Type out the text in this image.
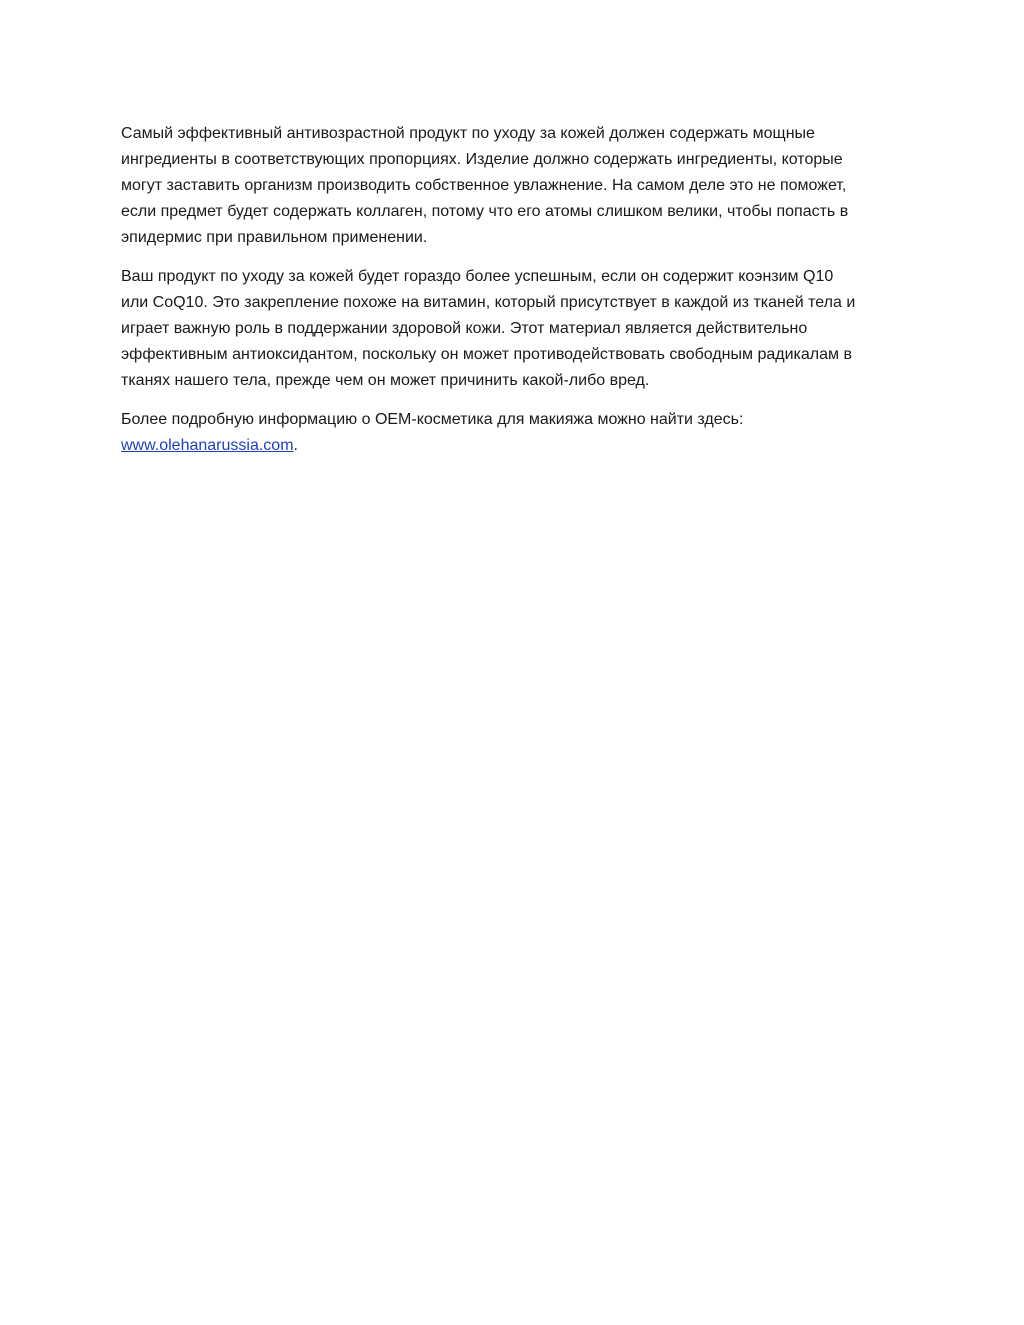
Самый эффективный антивозрастной продукт по уходу за кожей должен содержать мощные
ингредиенты в соответствующих пропорциях. Изделие должно содержать ингредиенты, которые
могут заставить организм производить собственное увлажнение. На самом деле это не поможет,
если предмет будет содержать коллаген, потому что его атомы слишком велики, чтобы попасть в
эпидермис при правильном применении.

Ваш продукт по уходу за кожей будет гораздо более успешным, если он содержит коэнзим Q10
или CoQ10. Это закрепление похоже на витамин, который присутствует в каждой из тканей тела и
играет важную роль в поддержании здоровой кожи. Этот материал является действительно
эффективным антиоксидантом, поскольку он может противодействовать свободным радикалам в
тканях нашего тела, прежде чем он может причинить какой-либо вред.

Более подробную информацию о OEM-косметика для макияжа можно найти здесь:
www.olehanarussia.com.
